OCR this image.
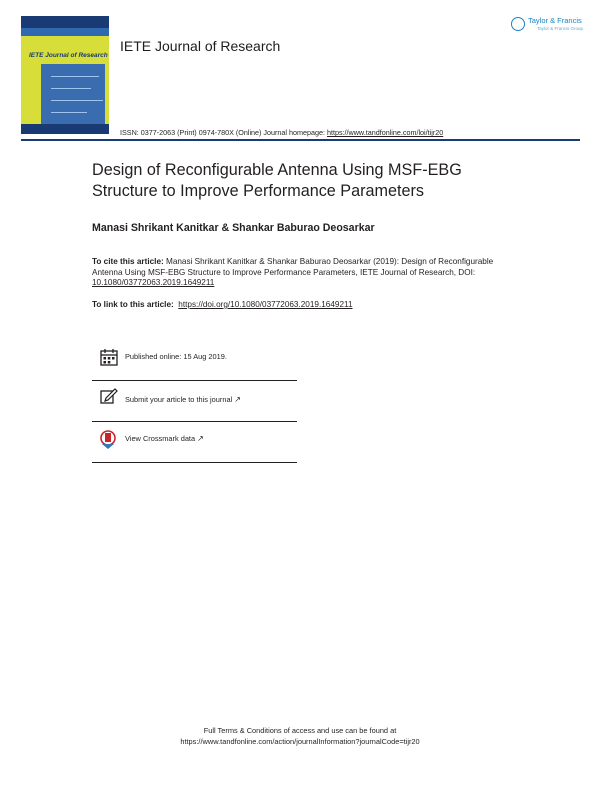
IETE Journal of Research
IETE Journal of Research
ISSN: 0377-2063 (Print) 0974-780X (Online) Journal homepage: https://www.tandfonline.com/loi/tijr20
Taylor & Francis
Taylor & Francis Group
Design of Reconfigurable Antenna Using MSF-EBG
Structure to Improve Performance Parameters
Manasi Shrikant Kanitkar & Shankar Baburao Deosarkar
To cite this article: Manasi Shrikant Kanitkar & Shankar Baburao Deosarkar (2019): Design of Reconfigurable Antenna Using MSF-EBG Structure to Improve Performance Parameters, IETE Journal of Research, DOI: 10.1080/03772063.2019.1649211
To link to this article: https://doi.org/10.1080/03772063.2019.1649211
Published online: 15 Aug 2019.
Submit your article to this journal ↗
View Crossmark data ↗
Full Terms & Conditions of access and use can be found at
https://www.tandfonline.com/action/journalInformation?journalCode=tijr20
